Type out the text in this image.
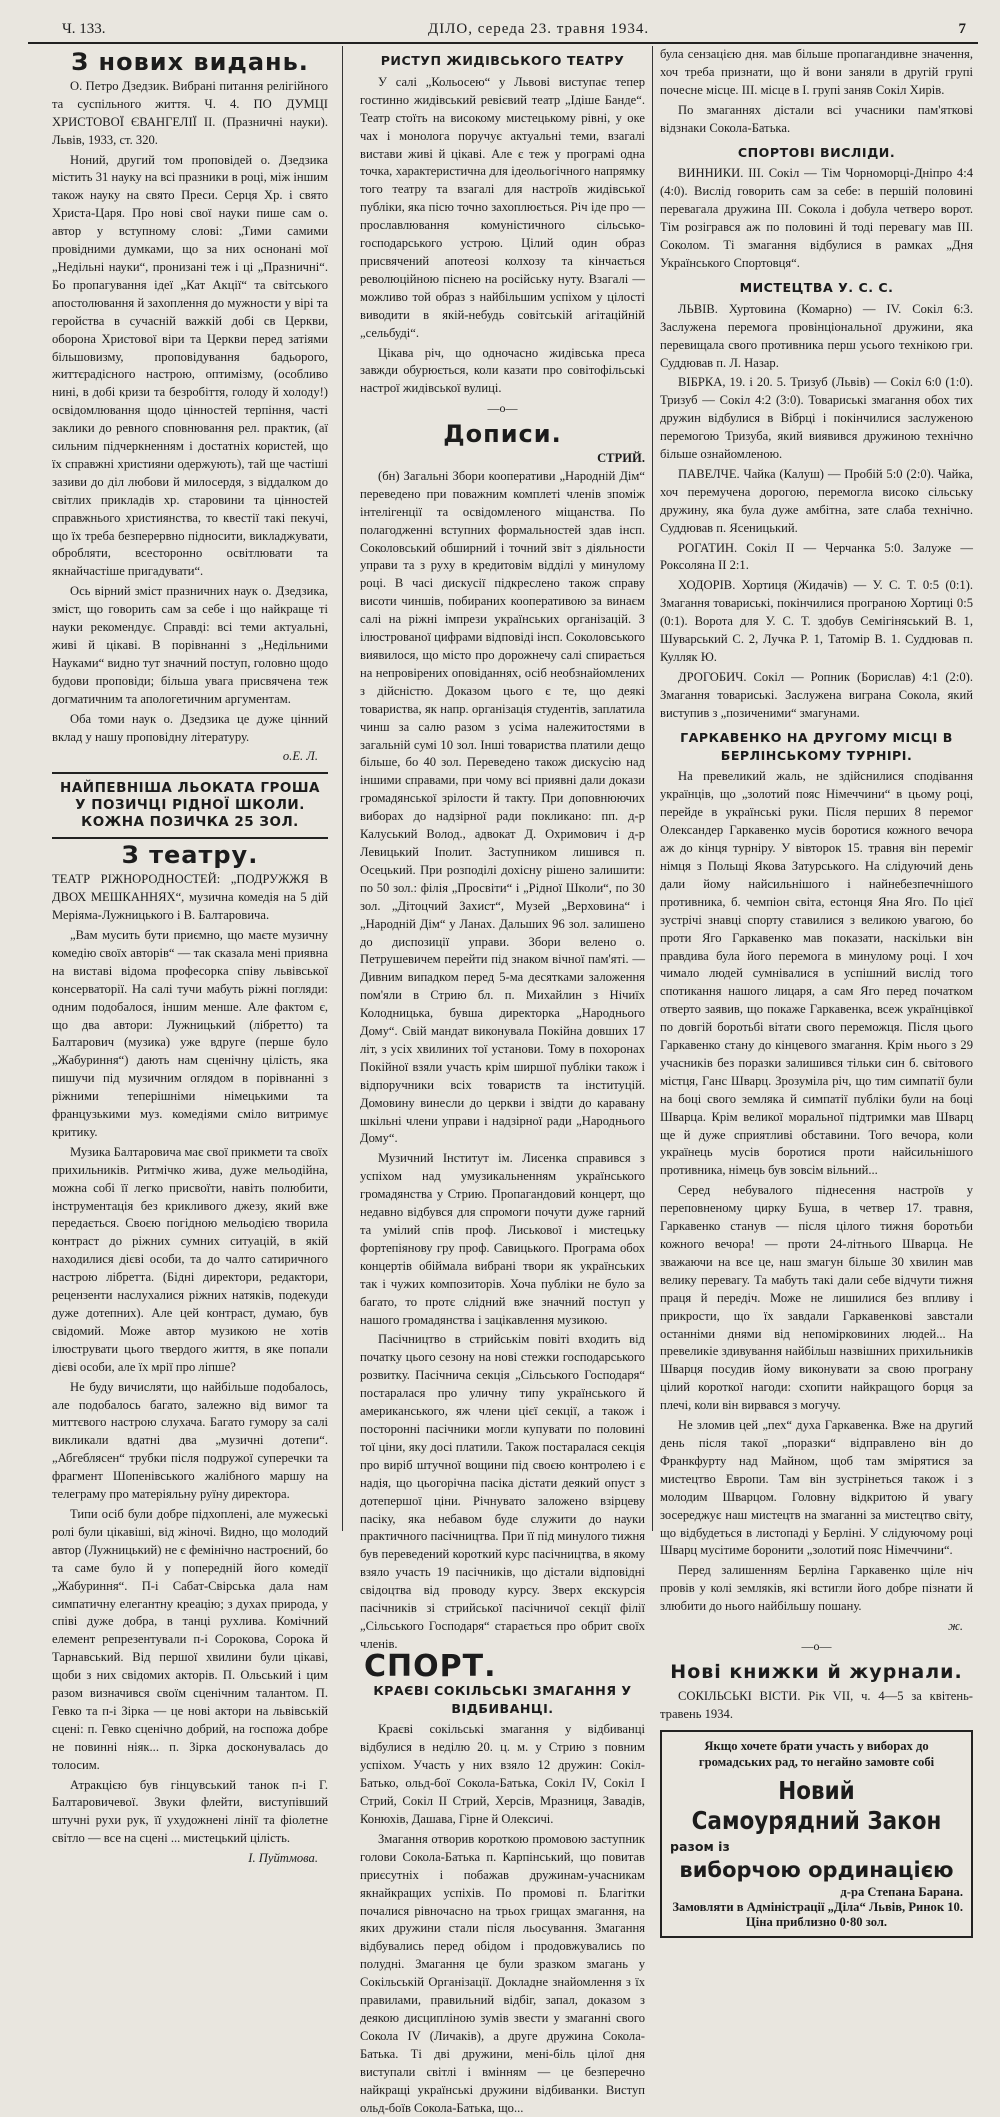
Ч. 133.	ДІЛО, середа 23. травня 1934.	7
З нових видань.

О. Петро Дзедзик. Вибрані питання релігійного та суспільного життя. Ч. 4. ПО ДУМЦІ ХРИСТОВОЇ ЄВАНГЕЛІЇ II. (Празничні науки). Львів, 1933, ст. 320.

Ноний, другий том проповідей о. Дзедзика містить 31 науку на всі празники в році, між іншим також науку на свято Преси. Серця Хр. і свято Христа-Царя. Про нові свої науки пише сам о. автор у вступному слові: „Тими самими провідними думками, що за них оснонані мої „Недільні науки“, пронизані теж і ці „Празничні“. Бо пропагування ідеї „Кат Акції“ та світського апостолювання й захоплення до мужности у вірі та геройства в сучасній важкій добі св Церкви, оборона Христової віри та Церкви перед затіями більшовизму, проповідування бадьорого, життєрадісного настрою, оптимізму, (особливо нині, в добі кризи та безробіття, голоду й холоду!) освідомлювання щодо цінностей терпіння, часті заклики до ревного сповнювання рел. практик, (аї сильним підчеркненням і достатніх користей, що їх справжні християни одержують), тай ще частіші зазиви до діл любови й милосердя, з віддалком до світлих прикладів хр. старовини та цінностей справжнього християнства, то квестії такі пекучі, що їх треба безперервно підносити, викладжувати, обробляти, всесторонно освітлювати та якнайчастіше пригадувати“.

Ось вірний зміст празничних наук о. Дзедзика, зміст, що говорить сам за себе і що найкраще ті науки рекомендує. Справді: всі теми актуальні, живі й цікаві. В порівнанні з „Недільними Науками“ видно тут значний поступ, головно щодо будови проповіди; більша увага присвячена теж догматичним та апологетичним аргументам.

Оба томи наук о. Дзедзика це дуже цінний вклад у нашу проповідну літературу.

о.Е. Л.
НАЙПЕВНІША ЛЬОКАТА ГРОША У ПОЗИЧЦІ РІДНОЇ ШКОЛИ. КОЖНА ПОЗИЧКА 25 ЗОЛ.
З театру.

ТЕАТР РІЖНОРОДНОСТЕЙ: „ПОДРУЖЖЯ В ДВОХ МЕШКАННЯХ“, музична комедія на 5 дій Меріяма-Лужницького і В. Балтаровича.

„Вам мусить бути приємно, що маєте музичну комедію своїх авторів“ — так сказала мені приявна на виставі відома професорка співу львівської консерваторії. На салі тучи мабуть ріжні погляди: одним подобалося, іншим менше. Але фактом є, що два автори: Лужницький (лібретто) та Балтарович (музика) уже вдруге (перше було „Жабуриння“) дають нам сценічну цілість, яка пишучи під музичним оглядом в порівнанні з ріжними теперішніми німецькими та французькими муз. комедіями сміло витримує критику.

Музика Балтаровича має свої прикмети та своїх прихильників. Ритмічко жива, дуже мельодійна, можна собі її легко присвоїти, навіть полюбити, інструментація без крикливого джезу, який вже передається. Своєю погідною мельодією творила контраст до ріжних сумних ситуацій, в якій находилися дієві особи, та до чалто сатиричного настрою лібретта. (Бідні директори, редактори, рецензенти наслухалися ріжних натяків, подекуди дуже дотепних). Але цей контраст, думаю, був свідомий. Може автор музикою не хотів ілюструвати цього твердого життя, в яке попали дієві особи, але їх мрії про ліпше?

Не буду вичисляти, що найбільше подобалось, але подобалось багато, залежно від вимог та миттєвого настрою слухача. Багато гумору за салі викликали вдатні два „музичні дотепи“. „Абгеблясен“ трубки після подружої суперечки та фрагмент Шопенівського жалібного маршу на телеграму про матеріяльну руїну директора.

Типи осіб були добре підхоплені, але мужеські ролі були цікавіші, від жіночі. Видно, що молодий автор (Лужницький) не є фемінічно настроєний, бо та саме було й у попередній його комедії „Жабуриння“. П-і Сабат-Свірська дала нам симпатичну елегантну креацію; з духах природа, у співі дуже добра, в танці рухлива. Комічний елемент репрезентували п-і Сорокова, Сорока й Тарнавський. Від першої хвилини були цікаві, щоби з них свідомих акторів. П. Ольський і цим разом визначився своїм сценічним талантом. П. Гевко та п-і Зірка — це нові актори на львівській сцені: п. Гевко сценічно добрий, на госпожа добре не повинні ніяк... п. Зірка досконувалась до толосим.

Атракцією був гінцувський танок п-і Г. Балтаровичевої. Звуки флейти, виступівший штучні рухи рук, її ухудожнені лінії та фіолетне світло — все на сцені ... мистецький цілість.

І. Пуйтмова.
РИСТУП ЖИДІВСЬКОГО ТЕАТРУ

У салі „Кольосею“ у Львові виступає тепер гостинно жидівський ревієвий театр „Ідіше Банде“. Театр стоїть на високому мистецькому рівні, у оке чах і монолога поручує актуальні теми, взагалі вистави живі й цікаві. Але є теж у програмі одна точка, характеристична для ідеольогічного напрямку того театру та взагалі для настроїв жидівської публіки, яка пісю точно захоплюється. Річ іде про — прославлювання комуністичного сільсько-господарського устрою. Цілий один образ присвячений апотеозі колхозу та кінчається революційною піснею на російську нуту. Взагалі — можливо той образ з найбільшим успіхом у цілості виводити в якій-небудь совітській агітаційній „сельбуді“.

Цікава річ, що одночасно жидівська преса завжди обурюється, коли казати про совітофільські настрої жидівської вулиці.

—o—
Дописи.
СТРИЙ.

(бн) Загальні Збори кооперативи „Народній Дім“ переведено при поважним комплеті членів зпоміж інтелігенції та освідомленого міщанства. По полагодженні вступних формальностей здав інсп. Соколовський обширний і точний звіт з діяльности управи та з руху в кредитовім відділі у минулому році. В часі дискусії підкреслено також справу висоти чиншів, побираних кооперативою за винаєм салі на ріжні імпрези українських організацій. З ілюстрованої цифрами відповіді інсп. Соколовського виявилося, що місто про дорожнечу салі спирається на непровірених оповіданнях, осіб необзнайомлених з дійсністю. Доказом цього є те, що деякі товариства, як напр. організація студентів, заплатила чинш за салю разом з усіма належитостями в загальній сумі 10 зол. Інші товариства платили дещо більше, бо 40 зол. Переведено також дискусію над іншими справами, при чому всі приявні дали докази громадянської зрілости й такту. При доповнюючих виборах до надзірної ради покликано: пп. д-р Калуський Волод., адвокат Д. Охримович і д-р Левицький Іполит. Заступником лишився п. Осецький. При розподілі дохісну рішено залишити: по 50 зол.: філія „Просвіти“ і „Рідної Школи“, по 30 зол. „Дітоцчий Захист“, Музей „Верховина“ і „Народній Дім“ у Ланах. Дальших 96 зол. залишено до диспозиції управи. Збори велено о. Петрушевичем перейти під знаком вічної пам'яті. — Дивним випадком перед 5-ма десятками заложення пом'яли в Стрию бл. п. Михайлин з Нічиїх Колодницька, бувша директорка „Народнього Дому“. Свій мандат виконувала Покійна довших 17 літ, з усіх хвилиних тої установи. Тому в похоронах Покійної взяли участь крім ширшої публіки також і відпоручники всіх товариств та інституцій. Домовину винесли до церкви і звідти до каравану шкільні члени управи і надзірної ради „Народнього Дому“.

Музичний Інститут ім. Лисенка справився з успіхом над умузикальненням українського громадянства у Стрию. Пропагандовий концерт, що недавно відбувся для спромоги почути дуже гарний та умілий спів проф. Лиськової і мистецьку фортепіянову гру проф. Савицького. Програма обох концертів обіймала вибрані твори як українських так і чужих композиторів. Хоча публіки не було за багато, то протє слідний вже значний поступ у нашого громадянства і зацікавлення музикою.

Пасічництво в стрийськім повіті входить від початку цього сезону на нові стежки господарського розвитку. Пасічнича секція „Сільського Господаря“ постаралася про уличну типу українського й американського, яж члени цієї секції, а також і посторонні пасічники могли купувати по половині тої ціни, яку досі платили. Також постаралася секція про виріб штучної вощини під своєю контролею і є надія, що цьогорічна пасіка дістати деякий опуст з дотепершої ціни. Річнувато заложено взірцеву пасіку, яка небавом буде служити до науки практичного пасічництва. При її під минулого тижня був переведений короткий курс пасічництва, в якому взяло участь 19 пасічників, що дістали відповідні свідоцтва від проводу курсу. Зверх екскурсія пасічників зі стрийської пасічничої секції філії „Сільського Господаря“ старається про обрит своїх членів.

СПОРТ.
КРАЄВІ СОКІЛЬСЬКІ ЗМАГАННЯ У ВІДБИВАНЦІ.

Краєві сокільські змагання у відбиванці відбулися в неділю 20. ц. м. у Стрию з повним успіхом. Участь у них взяло 12 дружин: Сокіл-Батько, ольд-бої Сокола-Батька, Сокіл IV, Сокіл I Стрий, Сокіл II Стрий, Херсів, Мразниця, Завадів, Конюхів, Дашава, Гірне й Олексичі.

Змагання отворив короткою промовою заступник голови Сокола-Батька п. Карпінський, що повитав приєсутніх і побажав дружинам-учасникам якнайкращих успіхів. По промові п. Благітки почалися рівночасно на трьох грищах змагання, на яких дружини стали після льосування. Змагання відбувались перед обідом і продовжувались по полудні. Змагання це були зразком змагань у Сокільській Організації. Докладне знайомлення з їх правилами, правильний відбіг, запал, доказом з деякою дисципліною зумів звести у змаганні свого Сокола IV (Личаків), а друге дружина Сокола-Батька. Ті дві дружини, мені-біль цілої дня виступали світлі і вмінням — це безперечно найкращі українські дружини відбиванки. Виступ ольд-боїв Сокола-Батька, що...

була сензацією дня. мав більше пропагандивне значення, хоч треба признати, що й вони заняли в другій групі почесне місце. III. місце в I. групі заняв Сокіл Хирів.

По змаганнях дістали всі учасники пам'яткові відзнаки Сокола-Батька.

СПОРТОВІ ВИСЛІДИ.

ВИННИКИ. III. Сокіл — Тім Чорноморці-Дніпро 4:4 (4:0). Вислід говорить сам за себе: в першій половині перевагала дружина III. Сокола і добула четверо ворот. Тім розігрався аж по половині й тоді перевагу мав III. Соколом. Ті змагання відбулися в рамках „Дня Українського Спортовця“.

МИСТЕЦТВА У. С. С.

ЛЬВІВ. Хуртовина (Комарно) — IV. Сокіл 6:3. Заслужена перемога провінціональної дружини, яка перевищала свого противника перш усього технікою гри. Суддював п. Л. Назар.

ВІБРКА, 19. і 20. 5. Тризуб (Львів) — Сокіл 6:0 (1:0). Тризуб — Сокіл 4:2 (3:0). Товариські змагання обох тих дружин відбулися в Вібрці і покінчилися заслуженою перемогою Тризуба, який виявився дружиною технічно більше ознайомленою.

ПАВЕЛЧЕ. Чайка (Калуш) — Пробій 5:0 (2:0). Чайка, хоч перемучена дорогою, перемогла високо сільську дружину, яка була дуже амбітна, зате слаба технічно. Суддював п. Ясеницький.

РОГАТИН. Сокіл II — Черчанка 5:0. Залуже — Роксоляна II 2:1.

ХОДОРІВ. Хортиця (Жидачів) — У. С. Т. 0:5 (0:1). Змагання товариські, покінчилися програною Хортиці 0:5 (0:1). Ворота для У. С. Т. здобув Семігіняський В. 1, Шуварський С. 2, Лучка Р. 1, Татомір В. 1. Суддював п. Кулляк Ю.

ДРОГОБИЧ. Сокіл — Ропник (Борислав) 4:1 (2:0). Змагання товариські. Заслужена виграна Сокола, який виступив з „позиченими“ змагунами.

ГАРКАВЕНКО НА ДРУГОМУ МІСЦІ В БЕРЛІНСЬКОМУ ТУРНІРІ.

На превеликий жаль, не здійснилися сподівання українців, що „золотий пояс Німеччини“ в цьому році, перейде в українські руки. Після перших 8 перемог Олександер Гаркавенко мусів боротися кожного вечора аж до кінця турніру. У вівторок 15. травня він переміг німця з Польщі Якова Затурського. На слідуючий день дали йому найсильнішого і найнебезпечнішого противника, б. чемпіон світа, естонця Яна Яго. По цієї зустрічі знавці спорту ставилися з великою увагою, бо проти Яго Гаркавенко мав показати, наскільки він правдива була його перемога в минулому році. І хоч чимало людей сумнівалися в успішний вислід того спотикання нашого лицаря, а сам Яго перед початком отверто заявив, що покаже Гаркавенка, всеж українцівкої по довгій боротьбі вітати свого переможця. Після цього Гаркавенко стану до кінцевого змагання. Крім нього з 29 учасників без поразки залишився тільки син б. світового містця, Ганс Шварц. Зрозуміла річ, що тим симпатії були на боці свого земляка й симпатії публіки були на боці Шварца. Крім великої моральної підтримки мав Шварц ще й дуже сприятливі обставини. Того вечора, коли українець мусів боротися проти найсильнішого противника, німець був зовсім вільний...

Серед небувалого піднесення настроїв у переповненому цирку Буша, в четвер 17. травня, Гаркавенко станув — після цілого тижня боротьби кожного вечора! — проти 24-літнього Шварца. Не зважаючи на все це, наш змагун більше 30 хвилин мав велику перевагу. Та мабуть такі дали себе відчути тижня праця й передіч. Може не лишилися без впливу і прикрости, що їх завдали Гаркавенкові завстали останніми днями від непомірковиних людей... На превеликіе здивування найбільш назвішних прихильників Шварця посудив йому виконувати за свою програну цілий короткої нагоди: схопити найкращого борця за плечі, коли він вирвався з могучу.

Не зломив цей „пех“ духа Гаркавенка. Вже на другий день після такої „поразки“ відправлено він до Франкфурту над Майном, щоб там змірятися за мистецтво Европи. Там він зустрінеться також і з молодим Шварцом. Головну відкритою й увагу зосереджує наш мистецтв на змаганні за мистецтво світу, що відбудеться в листопаді у Берліні. У слідуючому році Шварц мусітиме боронити „золотий пояс Німеччини“.

Перед залишенням Берліна Гаркавенко щіле ніч провів у колі земляків, які встигли його добре пізнати й злюбити до нього найбільшу пошану.

ж.
—o—
Нові книжки й журнали.

СОКІЛЬСЬКІ ВІСТИ. Рік VII, ч. 4—5 за квітень-травень 1934.

Якщо хочете брати участь у виборах до громадських рад, то негайно замовте собі
Новий Самоурядний Закон
разом із
виборчою ординацією
д-ра Степана Барана.
Замовляти в Адміністрації „Діла“ Львів, Ринок 10.
Ціна приблизно 0·80 зол.
